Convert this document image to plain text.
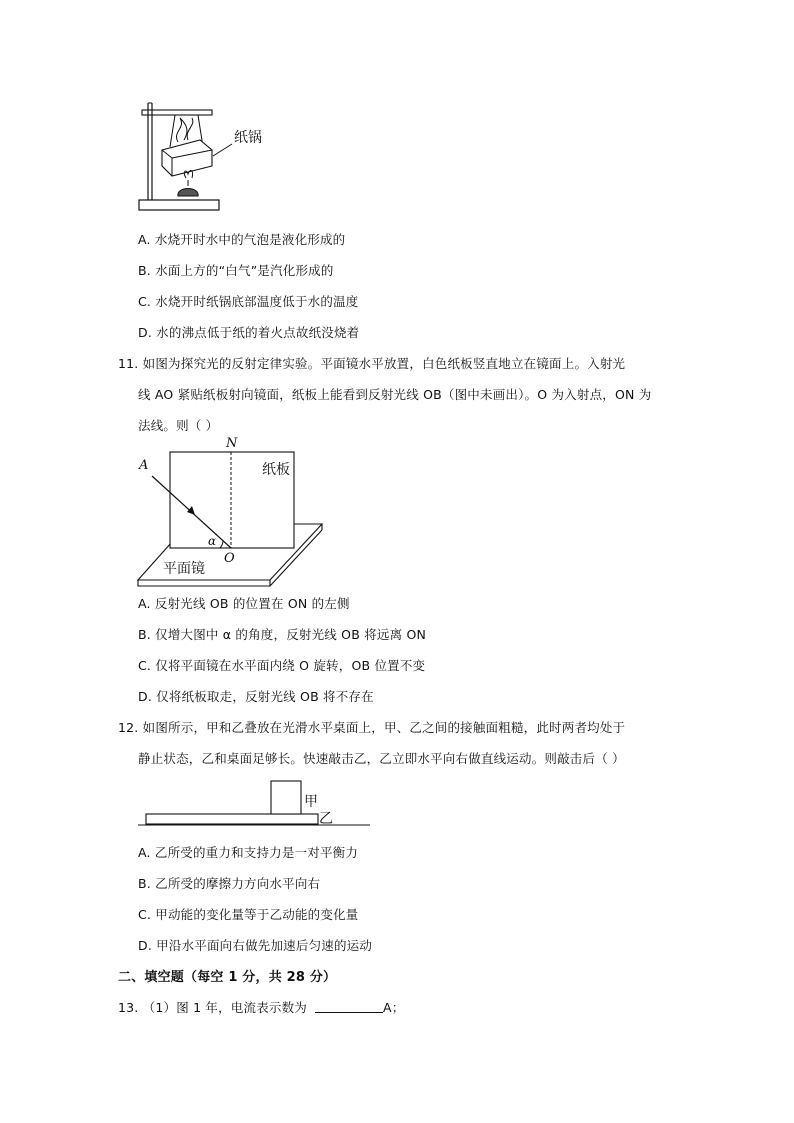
纸锅
A. 水烧开时水中的气泡是液化形成的
B. 水面上方的“白气”是汽化形成的
C. 水烧开时纸锅底部温度低于水的温度
D. 水的沸点低于纸的着火点故纸没烧着
11. 如图为探究光的反射定律实验。平面镜水平放置，白色纸板竖直地立在镜面上。入射光
线 AO 紧贴纸板射向镜面，纸板上能看到反射光线 OB（图中未画出）。O 为入射点，ON 为
法线。则（ ）
N
A	纸板
α
O
平面镜
A. 反射光线 OB 的位置在 ON 的左侧
B. 仅增大图中 α 的角度，反射光线 OB 将远离 ON
C. 仅将平面镜在水平面内绕 O 旋转，OB 位置不变
D. 仅将纸板取走，反射光线 OB 将不存在
12. 如图所示，甲和乙叠放在光滑水平桌面上，甲、乙之间的接触面粗糙，此时两者均处于
静止状态，乙和桌面足够长。快速敲击乙，乙立即水平向右做直线运动。则敲击后（ ）
甲
乙
A. 乙所受的重力和支持力是一对平衡力
B. 乙所受的摩擦力方向水平向右
C. 甲动能的变化量等于乙动能的变化量
D. 甲沿水平面向右做先加速后匀速的运动
二、填空题（每空 1 分，共 28 分）
13. （1）图 1 年，电流表示数为	A；
